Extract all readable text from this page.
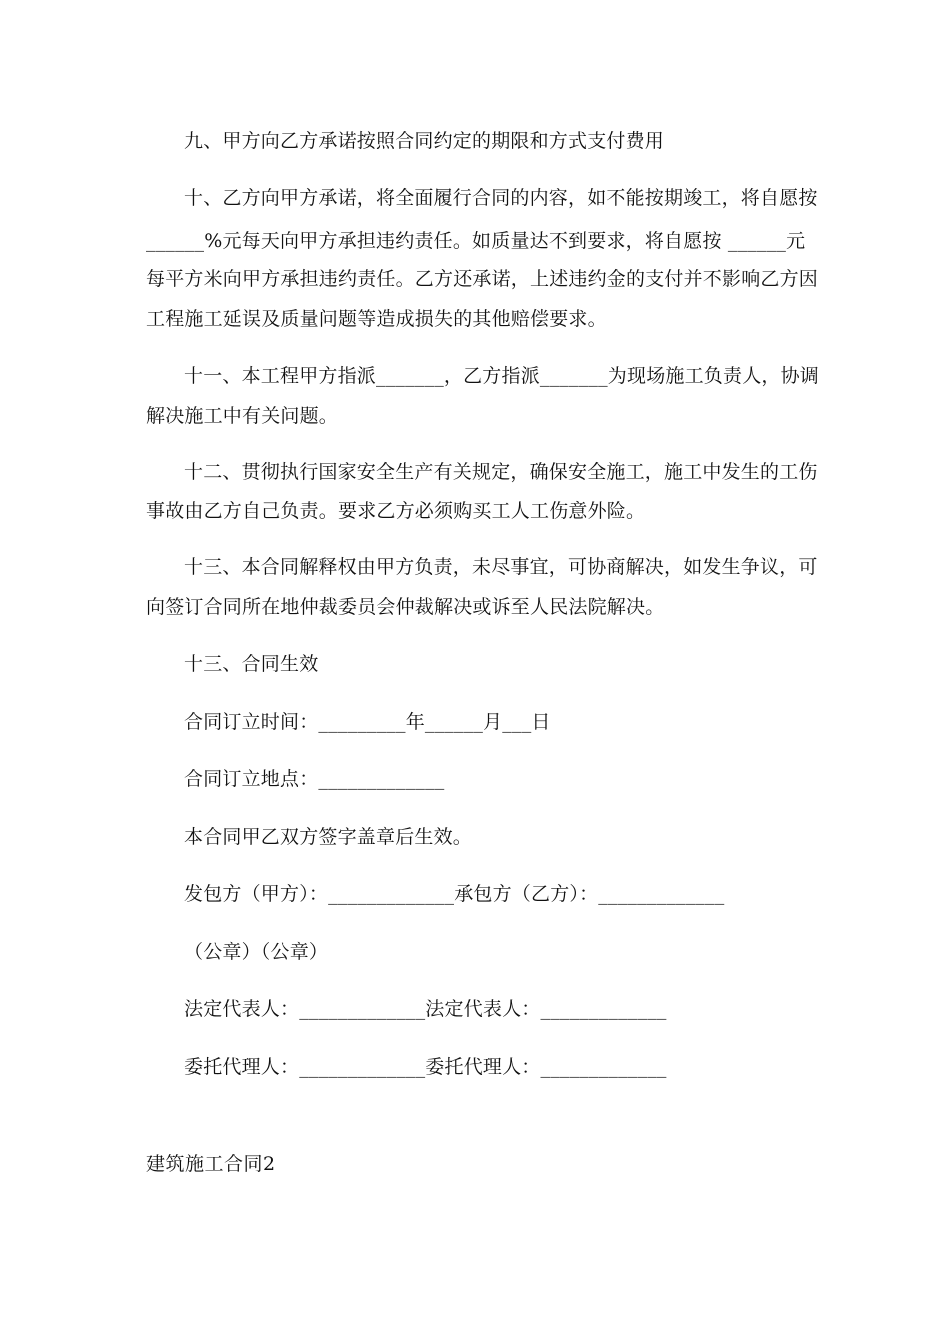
九、甲方向乙方承诺按照合同约定的期限和方式支付费用
十、乙方向甲方承诺，将全面履行合同的内容，如不能按期竣工，将自愿按
______%元每天向甲方承担违约责任。如质量达不到要求，将自愿按 ______元
每平方米向甲方承担违约责任。乙方还承诺，上述违约金的支付并不影响乙方因
工程施工延误及质量问题等造成损失的其他赔偿要求。
十一、本工程甲方指派_______，乙方指派_______为现场施工负责人，协调
解决施工中有关问题。
十二、贯彻执行国家安全生产有关规定，确保安全施工，施工中发生的工伤
事故由乙方自己负责。要求乙方必须购买工人工伤意外险。
十三、本合同解释权由甲方负责，未尽事宜，可协商解决，如发生争议，可
向签订合同所在地仲裁委员会仲裁解决或诉至人民法院解决。
十三、合同生效
合同订立时间：_________年______月___日
合同订立地点：_____________
本合同甲乙双方签字盖章后生效。
发包方（甲方）：_____________承包方（乙方）：_____________
（公章）（公章）
法定代表人：_____________法定代表人：_____________
委托代理人：_____________委托代理人：_____________
建筑施工合同2
